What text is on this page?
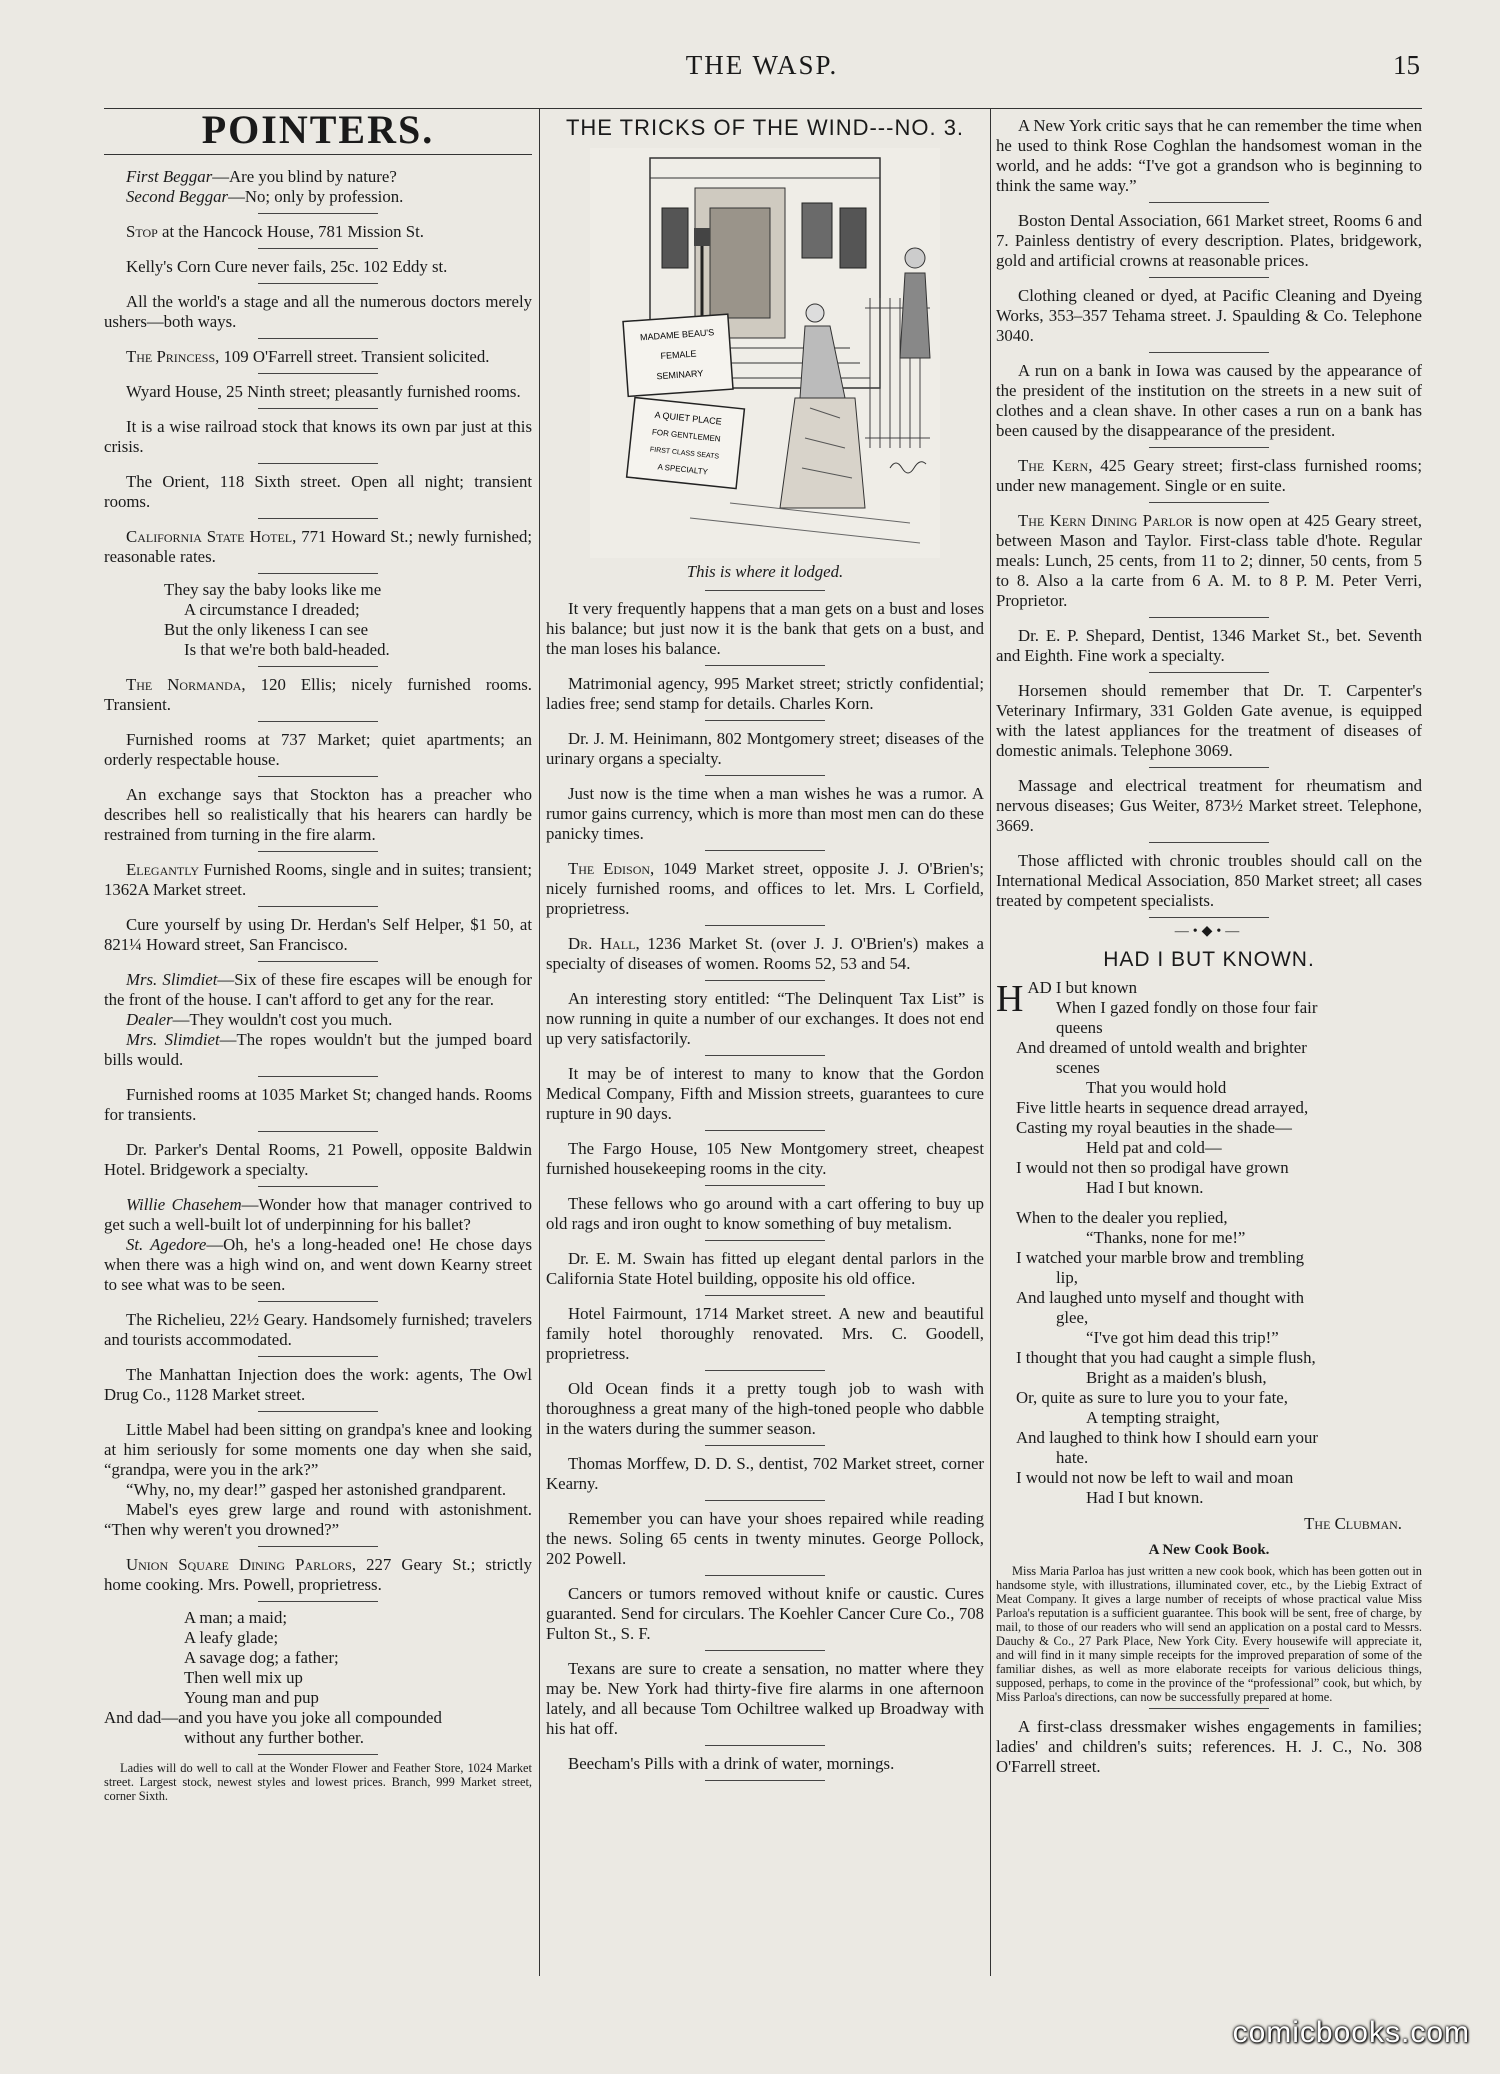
THE WASP.	15
POINTERS.

First Beggar—Are you blind by nature?

Second Beggar—No; only by profession.

Stop at the Hancock House, 781 Mission St.
Kelly's Corn Cure never fails, 25c. 102 Eddy st.
All the world's a stage and all the numerous doctors merely ushers—both ways.
The Princess, 109 O'Farrell street. Transient solicited.
Wyard House, 25 Ninth street; pleasantly furnished rooms.
It is a wise railroad stock that knows its own par just at this crisis.
The Orient, 118 Sixth street. Open all night; transient rooms.
California State Hotel, 771 Howard St.; newly furnished; reasonable rates.
They say the baby looks like me
A circumstance I dreaded;
But the only likeness I can see
Is that we're both bald-headed.
The Normanda, 120 Ellis; nicely furnished rooms. Transient.
Furnished rooms at 737 Market; quiet apartments; an orderly respectable house.
An exchange says that Stockton has a preacher who describes hell so realistically that his hearers can hardly be restrained from turning in the fire alarm.
Elegantly Furnished Rooms, single and in suites; transient; 1362A Market street.
Cure yourself by using Dr. Herdan's Self Helper, $1 50, at 821¼ Howard street, San Francisco.

Mrs. Slimdiet—Six of these fire escapes will be enough for the front of the house. I can't afford to get any for the rear.

Dealer—They wouldn't cost you much.

Mrs. Slimdiet—The ropes wouldn't but the jumped board bills would.

Furnished rooms at 1035 Market St; changed hands. Rooms for transients.
Dr. Parker's Dental Rooms, 21 Powell, opposite Baldwin Hotel. Bridgework a specialty.

Willie Chasehem—Wonder how that manager contrived to get such a well-built lot of underpinning for his ballet?

St. Agedore—Oh, he's a long-headed one! He chose days when there was a high wind on, and went down Kearny street to see what was to be seen.

The Richelieu, 22½ Geary. Handsomely furnished; travelers and tourists accommodated.
The Manhattan Injection does the work: agents, The Owl Drug Co., 1128 Market street.

Little Mabel had been sitting on grandpa's knee and looking at him seriously for some moments one day when she said, “grandpa, were you in the ark?”

“Why, no, my dear!” gasped her astonished grandparent.

Mabel's eyes grew large and round with astonishment. “Then why weren't you drowned?”

Union Square Dining Parlors, 227 Geary St.; strictly home cooking. Mrs. Powell, proprietress.
A man; a maid;
A leafy glade;
A savage dog; a father;
Then well mix up
Young man and pup
And dad—and you have you joke all compounded
without any further bother.
Ladies will do well to call at the Wonder Flower and Feather Store, 1024 Market street. Largest stock, newest styles and lowest prices. Branch, 999 Market street, corner Sixth.
THE TRICKS OF THE WIND---NO. 3.
MADAME BEAU'S
FEMALE
SEMINARY
A QUIET PLACE
FOR GENTLEMEN
FIRST CLASS SEATS
A SPECIALTY
This is where it lodged.
It very frequently happens that a man gets on a bust and loses his balance; but just now it is the bank that gets on a bust, and the man loses his balance.
Matrimonial agency, 995 Market street; strictly confidential; ladies free; send stamp for details. Charles Korn.
Dr. J. M. Heinimann, 802 Montgomery street; diseases of the urinary organs a specialty.
Just now is the time when a man wishes he was a rumor. A rumor gains currency, which is more than most men can do these panicky times.
The Edison, 1049 Market street, opposite J. J. O'Brien's; nicely furnished rooms, and offices to let. Mrs. L Corfield, proprietress.
Dr. Hall, 1236 Market St. (over J. J. O'Brien's) makes a specialty of diseases of women. Rooms 52, 53 and 54.
An interesting story entitled: “The Delinquent Tax List” is now running in quite a number of our exchanges. It does not end up very satisfactorily.
It may be of interest to many to know that the Gordon Medical Company, Fifth and Mission streets, guarantees to cure rupture in 90 days.
The Fargo House, 105 New Montgomery street, cheapest furnished housekeeping rooms in the city.
These fellows who go around with a cart offering to buy up old rags and iron ought to know something of buy metalism.
Dr. E. M. Swain has fitted up elegant dental parlors in the California State Hotel building, opposite his old office.
Hotel Fairmount, 1714 Market street. A new and beautiful family hotel thoroughly renovated. Mrs. C. Goodell, proprietress.
Old Ocean finds it a pretty tough job to wash with thoroughness a great many of the high-toned people who dabble in the waters during the summer season.
Thomas Morffew, D. D. S., dentist, 702 Market street, corner Kearny.
Remember you can have your shoes repaired while reading the news. Soling 65 cents in twenty minutes. George Pollock, 202 Powell.
Cancers or tumors removed without knife or caustic. Cures guaranted. Send for circulars. The Koehler Cancer Cure Co., 708 Fulton St., S. F.
Texans are sure to create a sensation, no matter where they may be. New York had thirty-five fire alarms in one afternoon lately, and all because Tom Ochiltree walked up Broadway with his hat off.
Beecham's Pills with a drink of water, mornings.
A New York critic says that he can remember the time when he used to think Rose Coghlan the handsomest woman in the world, and he adds: “I've got a grandson who is beginning to think the same way.”
Boston Dental Association, 661 Market street, Rooms 6 and 7. Painless dentistry of every description. Plates, bridgework, gold and artificial crowns at reasonable prices.
Clothing cleaned or dyed, at Pacific Cleaning and Dyeing Works, 353–357 Tehama street. J. Spaulding & Co. Telephone 3040.
A run on a bank in Iowa was caused by the appearance of the president of the institution on the streets in a new suit of clothes and a clean shave. In other cases a run on a bank has been caused by the disappearance of the president.
The Kern, 425 Geary street; first-class furnished rooms; under new management. Single or en suite.
The Kern Dining Parlor is now open at 425 Geary street, between Mason and Taylor. First-class table d'hote. Regular meals: Lunch, 25 cents, from 11 to 2; dinner, 50 cents, from 5 to 8. Also a la carte from 6 A. M. to 8 P. M. Peter Verri, Proprietor.
Dr. E. P. Shepard, Dentist, 1346 Market St., bet. Seventh and Eighth. Fine work a specialty.
Horsemen should remember that Dr. T. Carpenter's Veterinary Infirmary, 331 Golden Gate avenue, is equipped with the latest appliances for the treatment of diseases of domestic animals. Telephone 3069.
Massage and electrical treatment for rheumatism and nervous diseases; Gus Weiter, 873½ Market street. Telephone, 3669.
Those afflicted with chronic troubles should call on the International Medical Association, 850 Market street; all cases treated by competent specialists.
—•◆•—
HAD I BUT KNOWN.
H AD I but known
When I gazed fondly on those four fair
queens
And dreamed of untold wealth and brighter
scenes
That you would hold
Five little hearts in sequence dread arrayed,
Casting my royal beauties in the shade—
Held pat and cold—
I would not then so prodigal have grown
Had I but known.
When to the dealer you replied,
“Thanks, none for me!”
I watched your marble brow and trembling
lip,
And laughed unto myself and thought with
glee,
“I've got him dead this trip!”
I thought that you had caught a simple flush,
Bright as a maiden's blush,
Or, quite as sure to lure you to your fate,
A tempting straight,
And laughed to think how I should earn your
hate.
I would not now be left to wail and moan
Had I but known.
The Clubman.
A New Cook Book.
Miss Maria Parloa has just written a new cook book, which has been gotten out in handsome style, with illustrations, illuminated cover, etc., by the Liebig Extract of Meat Company. It gives a large number of receipts of whose practical value Miss Parloa's reputation is a sufficient guarantee. This book will be sent, free of charge, by mail, to those of our readers who will send an application on a postal card to Messrs. Dauchy & Co., 27 Park Place, New York City. Every housewife will appreciate it, and will find in it many simple receipts for the improved preparation of some of the familiar dishes, as well as more elaborate receipts for various delicious things, supposed, perhaps, to come in the province of the “professional” cook, but which, by Miss Parloa's directions, can now be successfully prepared at home.
A first-class dressmaker wishes engagements in families; ladies' and children's suits; references. H. J. C., No. 308 O'Farrell street.
comicbooks.com
